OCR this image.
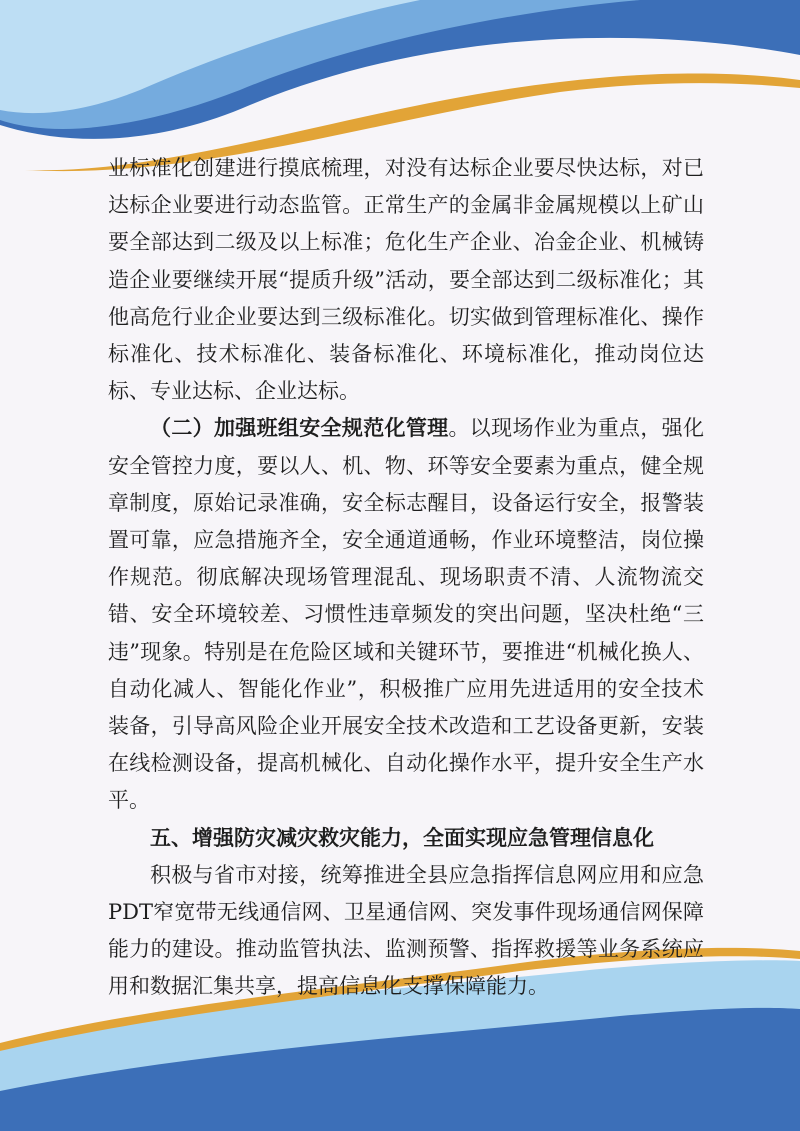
业标准化创建进行摸底梳理，对没有达标企业要尽快达标，对已达标企业要进行动态监管。正常生产的金属非金属规模以上矿山要全部达到二级及以上标准；危化生产企业、冶金企业、机械铸造企业要继续开展“提质升级”活动，要全部达到二级标准化；其他高危行业企业要达到三级标准化。切实做到管理标准化、操作标准化、技术标准化、装备标准化、环境标准化，推动岗位达标、专业达标、企业达标。

（二）加强班组安全规范化管理。以现场作业为重点，强化安全管控力度，要以人、机、物、环等安全要素为重点，健全规章制度，原始记录准确，安全标志醒目，设备运行安全，报警装置可靠，应急措施齐全，安全通道通畅，作业环境整洁，岗位操作规范。彻底解决现场管理混乱、现场职责不清、人流物流交错、安全环境较差、习惯性违章频发的突出问题，坚决杜绝“三违”现象。特别是在危险区域和关键环节，要推进“机械化换人、自动化减人、智能化作业”，积极推广应用先进适用的安全技术装备，引导高风险企业开展安全技术改造和工艺设备更新，安装在线检测设备，提高机械化、自动化操作水平，提升安全生产水平。

五、增强防灾减灾救灾能力，全面实现应急管理信息化

积极与省市对接，统筹推进全县应急指挥信息网应用和应急PDT窄宽带无线通信网、卫星通信网、突发事件现场通信网保障能力的建设。推动监管执法、监测预警、指挥救援等业务系统应用和数据汇集共享，提高信息化支撑保障能力。
